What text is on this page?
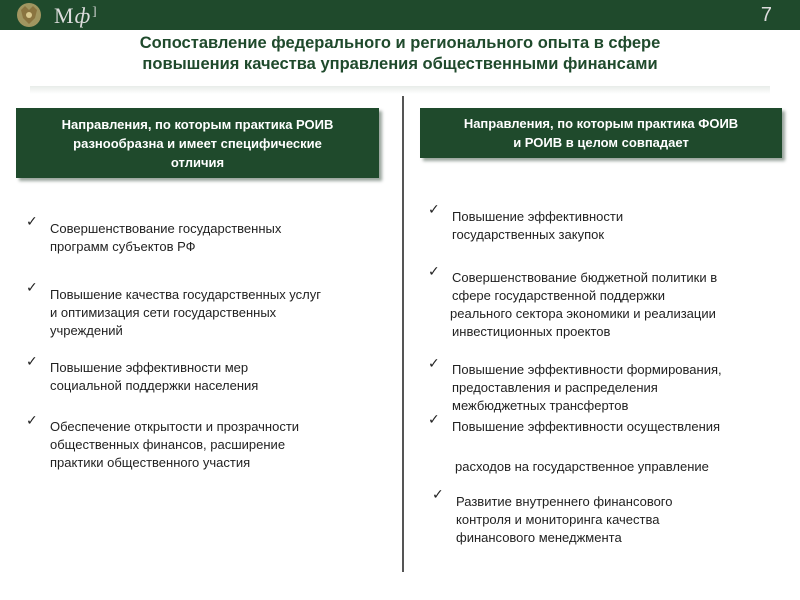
Мф]	7
Сопоставление федерального и регионального опыта в сфере
повышения качества управления общественными финансами
Направления, по которым практика РОИВ
разнообразна и имеет специфические
отличия
Направления, по которым практика ФОИВ
и РОИВ в целом совпадает
✓ Совершенствование государственных
программ субъектов РФ
✓ Повышение качества государственных услуг
и оптимизация сети государственных
учреждений
✓ Повышение эффективности мер
социальной поддержки населения
✓ Обеспечение открытости и прозрачности
общественных финансов, расширение
практики общественного участия
✓ Повышение эффективности
государственных закупок
✓ Совершенствование бюджетной политики в
сфере государственной поддержки
реального сектора экономики и реализации
инвестиционных проектов
✓ Повышение эффективности формирования,
предоставления и распределения
межбюджетных трансфертов
✓ Повышение эффективности осуществления
расходов на государственное управление
✓ Развитие внутреннего финансового
контроля и мониторинга качества
финансового менеджмента
